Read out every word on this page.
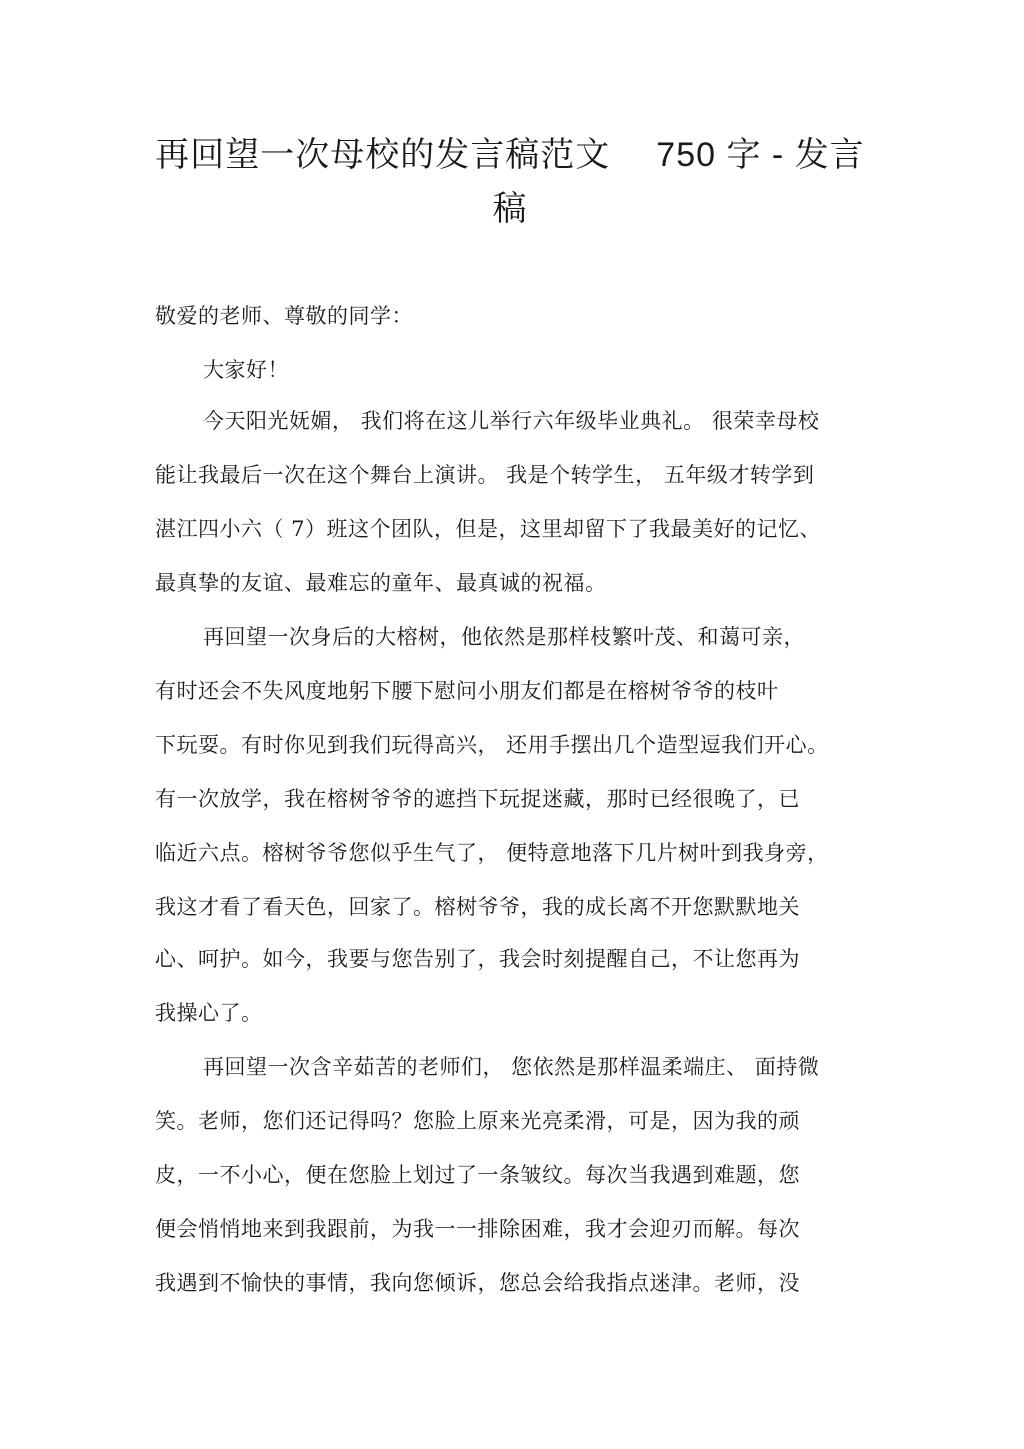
再回望一次母校的发言稿范文 750 字 - 发言
稿
敬爱的老师、尊敬的同学：
大家好！
今天阳光妩媚， 我们将在这儿举行六年级毕业典礼。 很荣幸母校
能让我最后一次在这个舞台上演讲。 我是个转学生， 五年级才转学到
湛江四小六（ 7）班这个团队，但是，这里却留下了我最美好的记忆、
最真挚的友谊、最难忘的童年、最真诚的祝福。
再回望一次身后的大榕树，他依然是那样枝繁叶茂、和蔼可亲，
有时还会不失风度地躬下腰下慰问小朋友们都是在榕树爷爷的枝叶
下玩耍。有时你见到我们玩得高兴， 还用手摆出几个造型逗我们开心。
有一次放学，我在榕树爷爷的遮挡下玩捉迷藏，那时已经很晚了，已
临近六点。榕树爷爷您似乎生气了， 便特意地落下几片树叶到我身旁，
我这才看了看天色，回家了。榕树爷爷，我的成长离不开您默默地关
心、呵护。如今，我要与您告别了，我会时刻提醒自己，不让您再为
我操心了。
再回望一次含辛茹苦的老师们， 您依然是那样温柔端庄、 面持微
笑。老师，您们还记得吗？您脸上原来光亮柔滑，可是，因为我的顽
皮，一不小心，便在您脸上划过了一条皱纹。每次当我遇到难题，您
便会悄悄地来到我跟前，为我一一排除困难，我才会迎刃而解。每次
我遇到不愉快的事情，我向您倾诉，您总会给我指点迷津。老师，没
